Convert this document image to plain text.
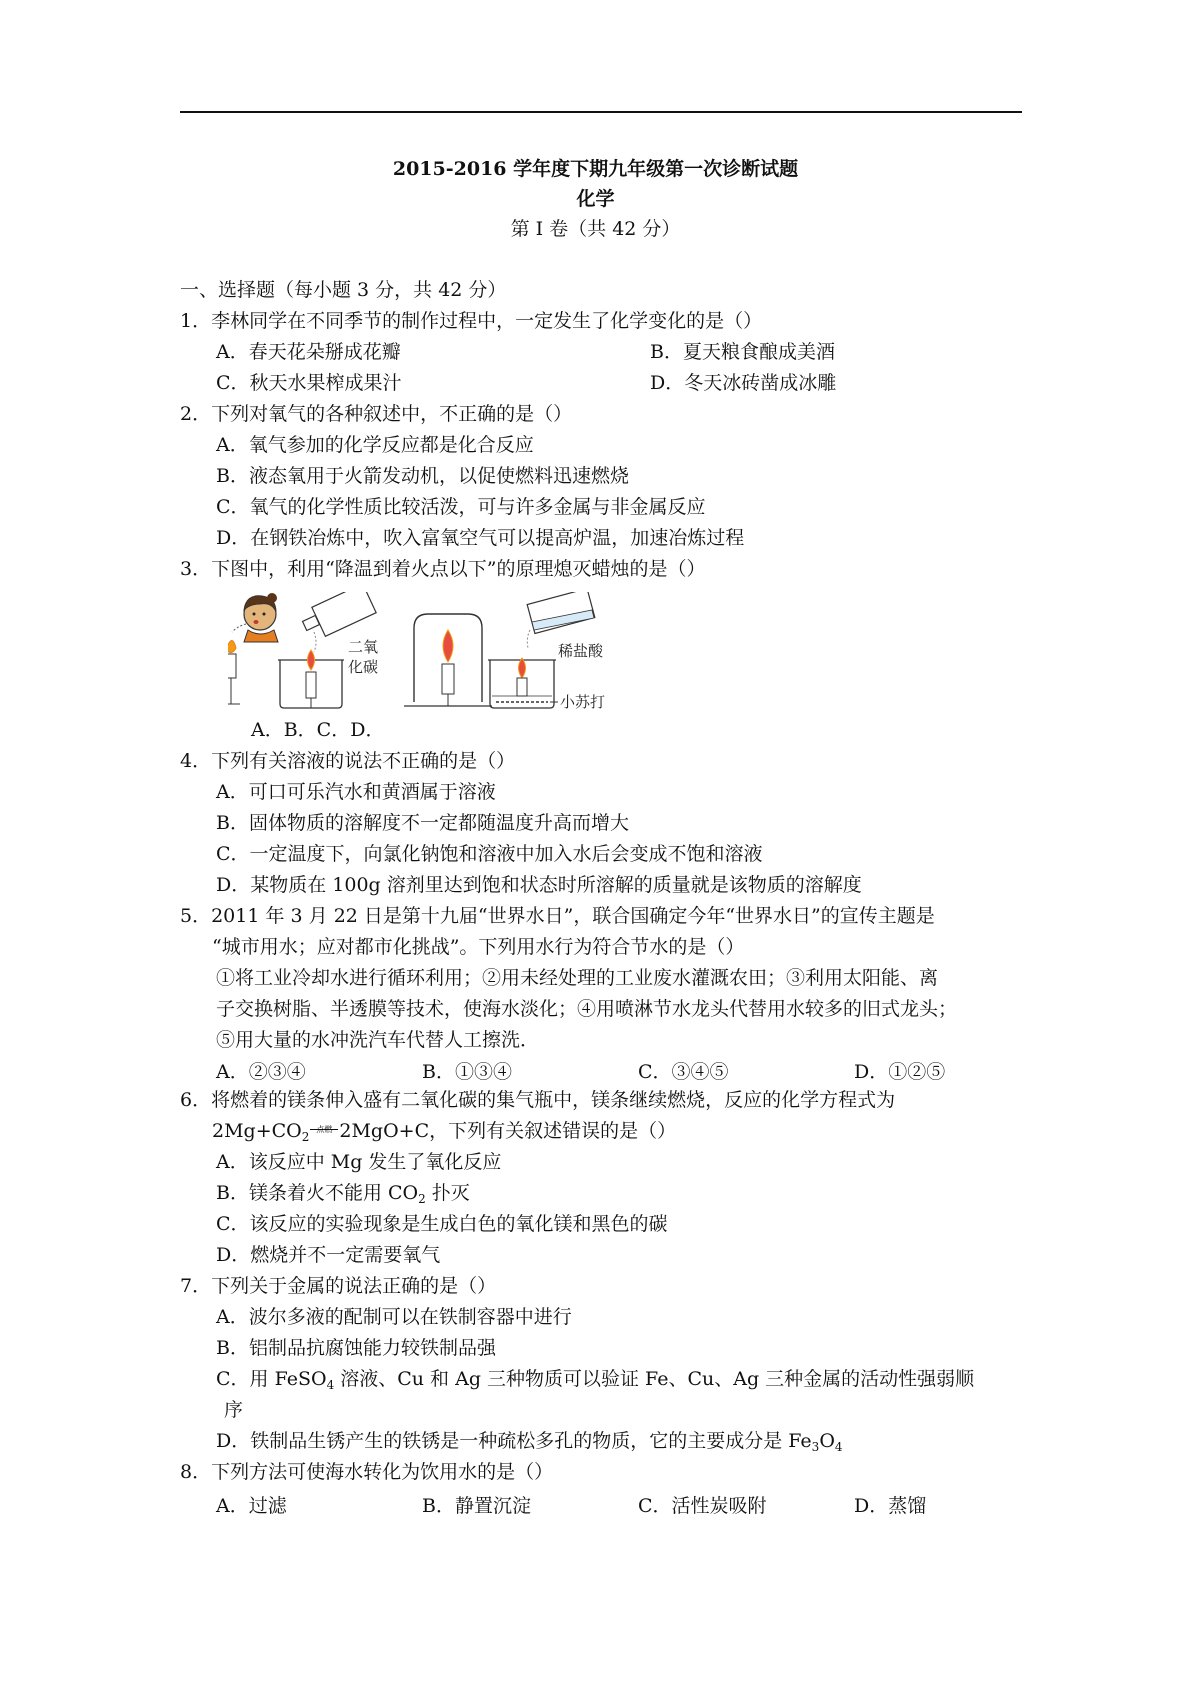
2015-2016 学年度下期九年级第一次诊断试题
化学
第 I 卷（共 42 分）
一、选择题（每小题 3 分，共 42 分）
1．李林同学在不同季节的制作过程中，一定发生了化学变化的是（）
A．春天花朵掰成花瓣	B．夏天粮食酿成美酒
C．秋天水果榨成果汁	D．冬天冰砖凿成冰雕
2．下列对氧气的各种叙述中，不正确的是（）
A．氧气参加的化学反应都是化合反应
B．液态氧用于火箭发动机，以促使燃料迅速燃烧
C．氧气的化学性质比较活泼，可与许多金属与非金属反应
D．在钢铁冶炼中，吹入富氧空气可以提高炉温，加速冶炼过程
3．下图中，利用“降温到着火点以下”的原理熄灭蜡烛的是（）
二氧
化碳
稀盐酸
小苏打
A．B．C．D．
4．下列有关溶液的说法不正确的是（）
A．可口可乐汽水和黄酒属于溶液
B．固体物质的溶解度不一定都随温度升高而增大
C．一定温度下，向氯化钠饱和溶液中加入水后会变成不饱和溶液
D．某物质在 100g 溶剂里达到饱和状态时所溶解的质量就是该物质的溶解度
5．2011 年 3 月 22 日是第十九届“世界水日”，联合国确定今年“世界水日”的宣传主题是
“城市用水；应对都市化挑战”。下列用水行为符合节水的是（）
①将工业冷却水进行循环利用；②用未经处理的工业废水灌溉农田；③利用太阳能、离
子交换树脂、半透膜等技术，使海水淡化；④用喷淋节水龙头代替用水较多的旧式龙头；
⑤用大量的水冲洗汽车代替人工擦洗．
A．②③④	B．①③④	C．③④⑤	D．①②⑤
6．将燃着的镁条伸入盛有二氧化碳的集气瓶中，镁条继续燃烧，反应的化学方程式为
$2Mg+CO_2$
点燃 2MgO+C，下列有关叙述错误的是（）
A．该反应中 Mg 发生了氧化反应
B．镁条着火不能用 $CO_2$ 扑灭
C．该反应的实验现象是生成白色的氧化镁和黑色的碳
D．燃烧并不一定需要氧气
7．下列关于金属的说法正确的是（）
A．波尔多液的配制可以在铁制容器中进行
B．铝制品抗腐蚀能力较铁制品强
C．用 FeSO$_4$ 溶液、Cu 和 Ag 三种物质可以验证 Fe、Cu、Ag 三种金属的活动性强弱顺
序
D．铁制品生锈产生的铁锈是一种疏松多孔的物质，它的主要成分是 $Fe_3O_4$
8．下列方法可使海水转化为饮用水的是（）
A．过滤	B．静置沉淀	C．活性炭吸附	D．蒸馏
